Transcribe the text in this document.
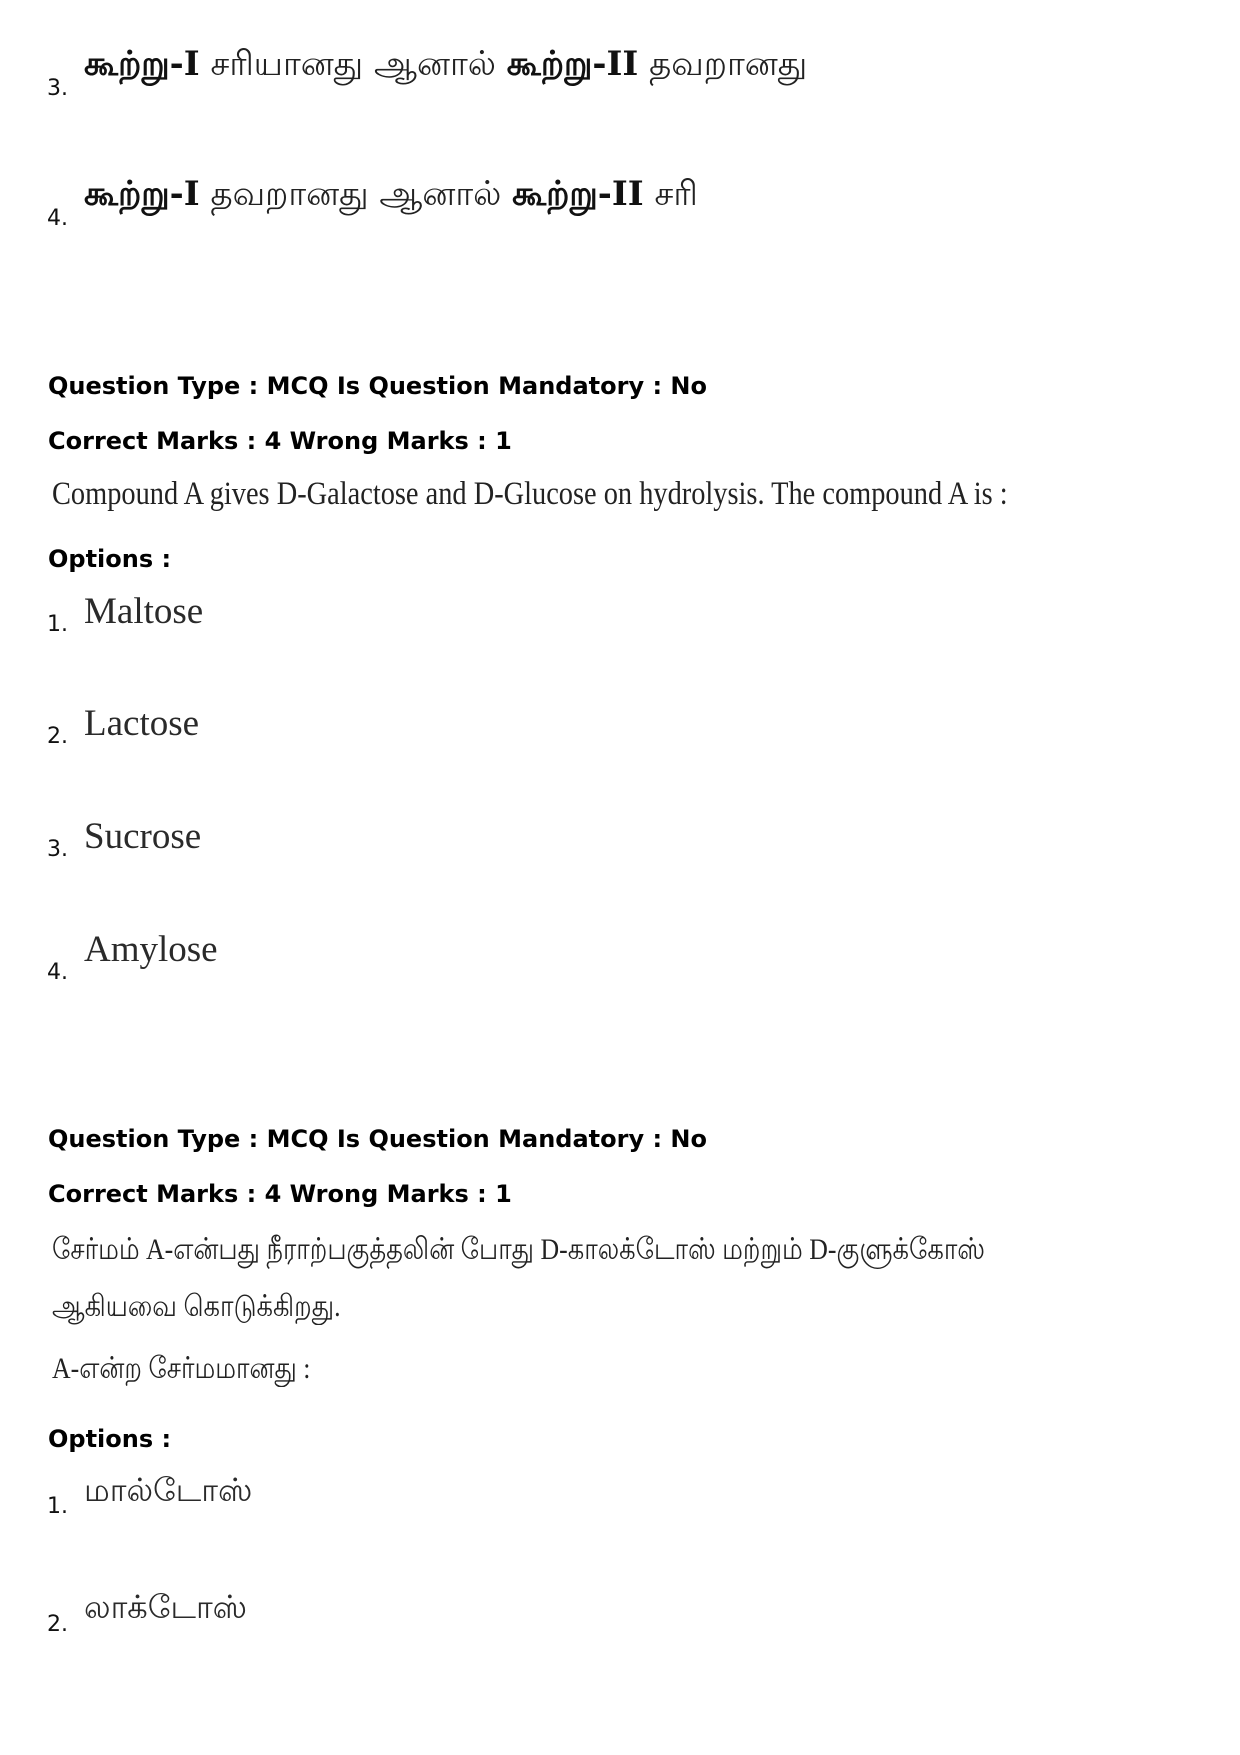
3.
கூற்று-I சரியானது ஆனால் கூற்று-II தவறானது
4.
கூற்று-I தவறானது ஆனால் கூற்று-II சரி
Question Type : MCQ Is Question Mandatory : No
Correct Marks : 4 Wrong Marks : 1
Compound A gives D-Galactose and D-Glucose on hydrolysis. The compound A is :
Options :
1. Maltose
2. Lactose
3. Sucrose
4.
Amylose
Question Type : MCQ Is Question Mandatory : No
Correct Marks : 4 Wrong Marks : 1
சேர்மம் A-என்பது நீராற்பகுத்தலின் போது D-காலக்டோஸ் மற்றும் D-குளுக்கோஸ்
ஆகியவை கொடுக்கிறது.
A-என்ற சேர்மமானது :
Options :
1. மால்டோஸ்
2. லாக்டோஸ்
